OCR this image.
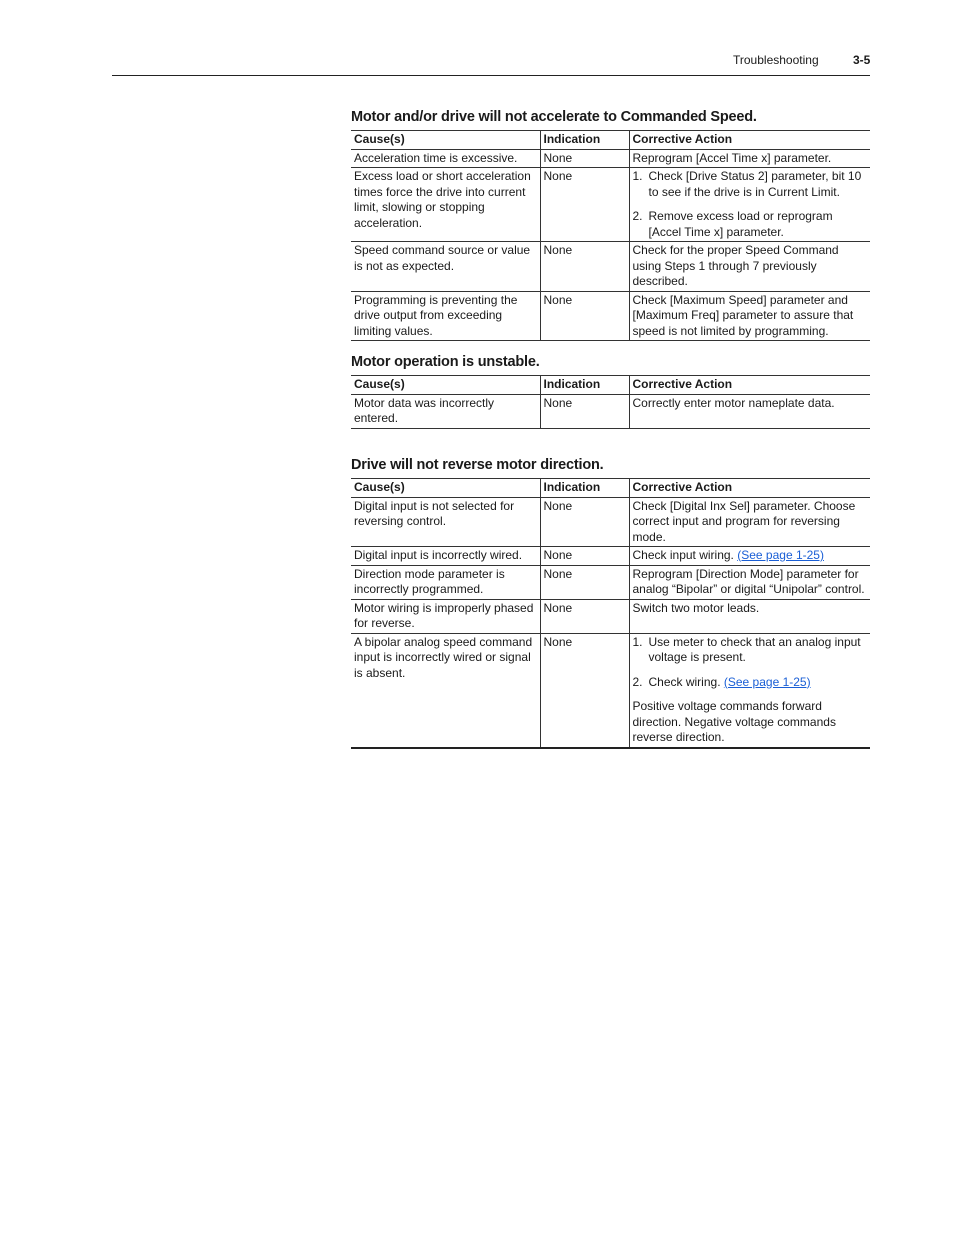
Troubleshooting	3-5
Motor and/or drive will not accelerate to Commanded Speed.
Cause(s)	Indication	Corrective Action
Acceleration time is excessive.	None	Reprogram [Accel Time x] parameter.
Excess load or short acceleration times force the drive into current limit, slowing or stopping acceleration.	None	1. Check [Drive Status 2] parameter, bit 10 to see if the drive is in Current Limit.
2. Remove excess load or reprogram [Accel Time x] parameter.

Speed command source or value is not as expected.	None	Check for the proper Speed Command using Steps 1 through 7 previously described.
Programming is preventing the drive output from exceeding limiting values.	None	Check [Maximum Speed] parameter and [Maximum Freq] parameter to assure that speed is not limited by programming.
Motor operation is unstable.
Cause(s)	Indication	Corrective Action
Motor data was incorrectly entered.	None	Correctly enter motor nameplate data.
Drive will not reverse motor direction.
Cause(s)	Indication	Corrective Action
Digital input is not selected for reversing control.	None	Check [Digital Inx Sel] parameter. Choose correct input and program for reversing mode.
Digital input is incorrectly wired.	None	Check input wiring. (See page 1-25)
Direction mode parameter is incorrectly programmed.	None	Reprogram [Direction Mode] parameter for analog “Bipolar” or digital “Unipolar” control.
Motor wiring is improperly phased for reverse.	None	Switch two motor leads.
A bipolar analog speed command input is incorrectly wired or signal is absent.	None	1. Use meter to check that an analog input voltage is present.
2. Check wiring. (See page 1-25)
Positive voltage commands forward direction. Negative voltage commands reverse direction.
